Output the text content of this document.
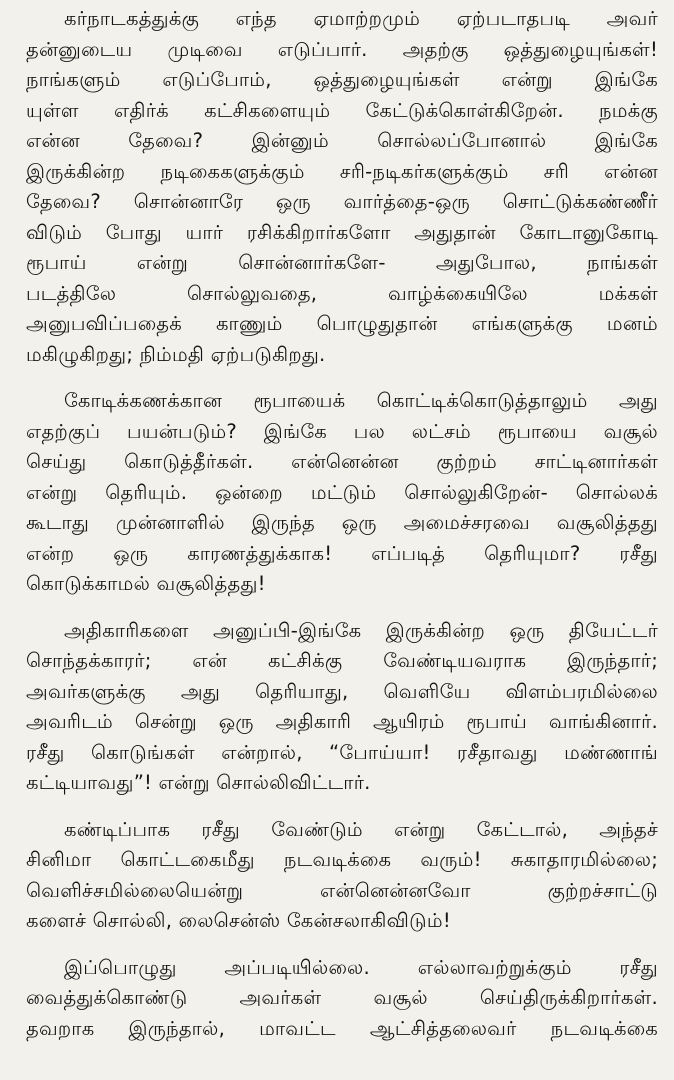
கர்நாடகத்துக்கு எந்த ஏமாற்றமும் ஏற்படாதபடி அவர்
தன்னுடைய முடிவை எடுப்பார். அதற்கு ஒத்துழையுங்கள்!
நாங்களும் எடுப்போம், ஒத்துழையுங்கள் என்று இங்கே
யுள்ள எதிர்க் கட்சிகளையும் கேட்டுக்கொள்கிறேன். நமக்கு
என்ன தேவை? இன்னும் சொல்லப்போனால் இங்கே
இருக்கின்ற நடிகைகளுக்கும் சரி-நடிகர்களுக்கும் சரி என்ன
தேவை? சொன்னாரே ஒரு வார்த்தை-ஒரு சொட்டுக்கண்ணீர்
விடும் போது யார் ரசிக்கிறார்களோ அதுதான் கோடானுகோடி
ரூபாய் என்று சொன்னார்களே- அதுபோல, நாங்கள்
படத்திலே சொல்லுவதை, வாழ்க்கையிலே மக்கள்
அனுபவிப்பதைக் காணும் பொழுதுதான் எங்களுக்கு மனம்
மகிழுகிறது; நிம்மதி ஏற்படுகிறது.
கோடிக்கணக்கான ரூபாயைக் கொட்டிக்கொடுத்தாலும் அது
எதற்குப் பயன்படும்? இங்கே பல லட்சம் ரூபாயை வசூல்
செய்து கொடுத்தீர்கள். என்னென்ன குற்றம் சாட்டினார்கள்
என்று தெரியும். ஒன்றை மட்டும் சொல்லுகிறேன்- சொல்லக்
கூடாது முன்னாளில் இருந்த ஒரு அமைச்சரவை வசூலித்தது
என்ற ஒரு காரணத்துக்காக! எப்படித் தெரியுமா? ரசீது
கொடுக்காமல் வசூலித்தது!
அதிகாரிகளை அனுப்பி-இங்கே இருக்கின்ற ஒரு தியேட்டர்
சொந்தக்காரர்; என் கட்சிக்கு வேண்டியவராக இருந்தார்;
அவர்களுக்கு அது தெரியாது, வெளியே விளம்பரமில்லை
அவரிடம் சென்று ஒரு அதிகாரி ஆயிரம் ரூபாய் வாங்கினார்.
ரசீது கொடுங்கள் என்றால், “போய்யா! ரசீதாவது மண்ணாங்
கட்டியாவது”! என்று சொல்லிவிட்டார்.
கண்டிப்பாக ரசீது வேண்டும் என்று கேட்டால், அந்தச்
சினிமா கொட்டகைமீது நடவடிக்கை வரும்! சுகாதாரமில்லை;
வெளிச்சமில்லையென்று என்னென்னவோ குற்றச்சாட்டு
களைச் சொல்லி, லைசென்ஸ் கேன்சலாகிவிடும்!
இப்பொழுது அப்படியில்லை. எல்லாவற்றுக்கும் ரசீது
வைத்துக்கொண்டு அவர்கள் வசூல் செய்திருக்கிறார்கள்.
தவறாக இருந்தால், மாவட்ட ஆட்சித்தலைவர் நடவடிக்கை
